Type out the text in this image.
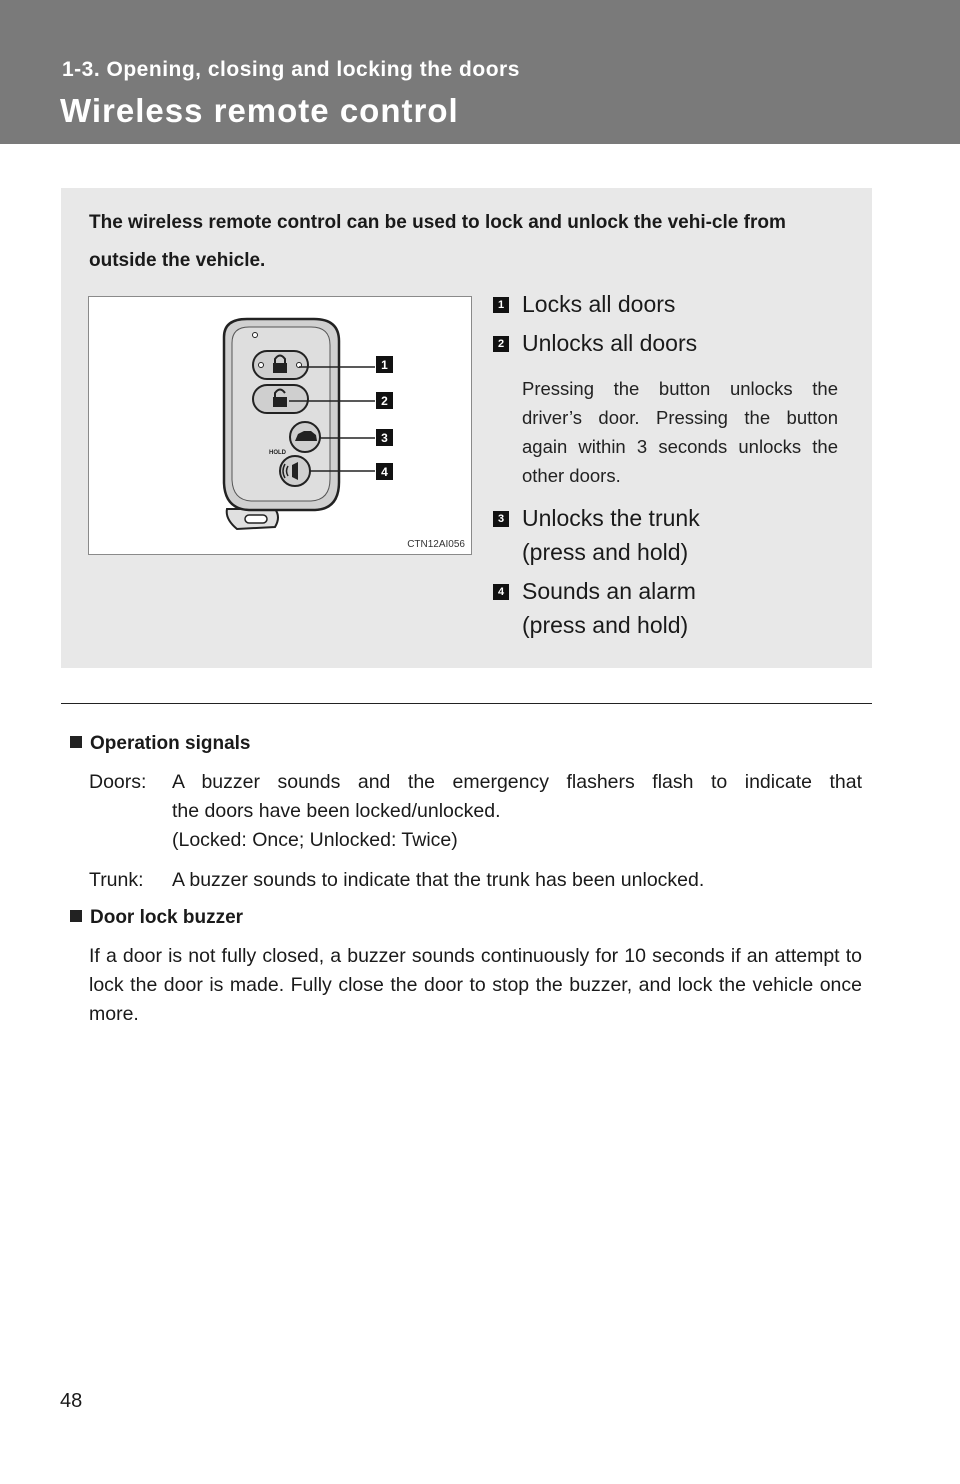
1-3. Opening, closing and locking the doors
Wireless remote control
The wireless remote control can be used to lock and unlock the vehi-cle from outside the vehicle.
HOLD
1
2
3
4
CTN12AI056
1 Locks all doors
2 Unlocks all doors
Pressing the button unlocks the driver’s door. Pressing the button again within 3 seconds unlocks the other doors.
3 Unlocks the trunk
(press and hold)
4 Sounds an alarm
(press and hold)
Operation signals
Doors: A buzzer sounds and the emergency flashers flash to indicate that
the doors have been locked/unlocked.
(Locked: Once; Unlocked: Twice)
Trunk: A buzzer sounds to indicate that the trunk has been unlocked.
Door lock buzzer
If a door is not fully closed, a buzzer sounds continuously for 10 seconds if an attempt to lock the door is made. Fully close the door to stop the buzzer, and lock the vehicle once more.
48
